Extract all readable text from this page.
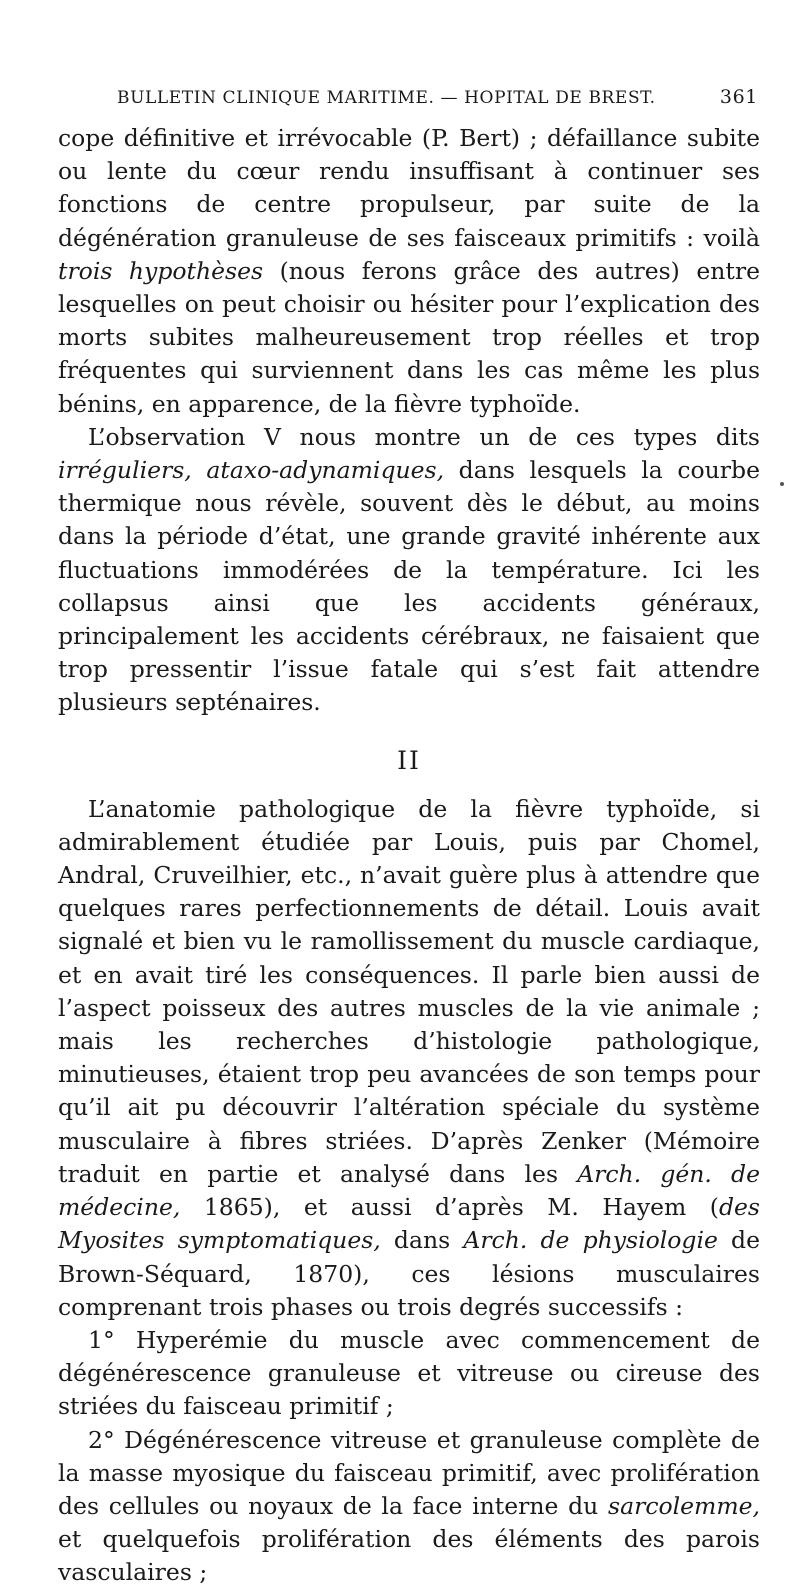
BULLETIN CLINIQUE MARITIME. — HOPITAL DE BREST.	361

cope définitive et irrévocable (P. Bert) ; défaillance subite ou lente du cœur rendu insuffisant à continuer ses fonctions de centre propulseur, par suite de la dégénération granuleuse de ses faisceaux primitifs : voilà trois hypothèses (nous ferons grâce des autres) entre lesquelles on peut choisir ou hésiter pour l’explication des morts subites malheureusement trop réelles et trop fréquentes qui surviennent dans les cas même les plus bénins, en apparence, de la fièvre typhoïde.

L’observation V nous montre un de ces types dits irréguliers, ataxo-adynamiques, dans lesquels la courbe thermique nous révèle, souvent dès le début, au moins dans la période d’état, une grande gravité inhérente aux fluctuations immodérées de la température. Ici les collapsus ainsi que les accidents généraux, principalement les accidents cérébraux, ne faisaient que trop pressentir l’issue fatale qui s’est fait attendre plusieurs septénaires.

II

L’anatomie pathologique de la fièvre typhoïde, si admirablement étudiée par Louis, puis par Chomel, Andral, Cruveilhier, etc., n’avait guère plus à attendre que quelques rares perfectionnements de détail. Louis avait signalé et bien vu le ramollissement du muscle cardiaque, et en avait tiré les conséquences. Il parle bien aussi de l’aspect poisseux des autres muscles de la vie animale ; mais les recherches d’histologie pathologique, minutieuses, étaient trop peu avancées de son temps pour qu’il ait pu découvrir l’altération spéciale du système musculaire à fibres striées. D’après Zenker (Mémoire traduit en partie et analysé dans les Arch. gén. de médecine, 1865), et aussi d’après M. Hayem (des Myosites symptomatiques, dans Arch. de physiologie de Brown-Séquard, 1870), ces lésions musculaires comprenant trois phases ou trois degrés successifs :

1° Hyperémie du muscle avec commencement de dégénérescence granuleuse et vitreuse ou cireuse des striées du faisceau primitif ;

2° Dégénérescence vitreuse et granuleuse complète de la masse myosique du faisceau primitif, avec prolifération des cellules ou noyaux de la face interne du sarcolemme, et quelquefois prolifération des éléments des parois vasculaires ;
